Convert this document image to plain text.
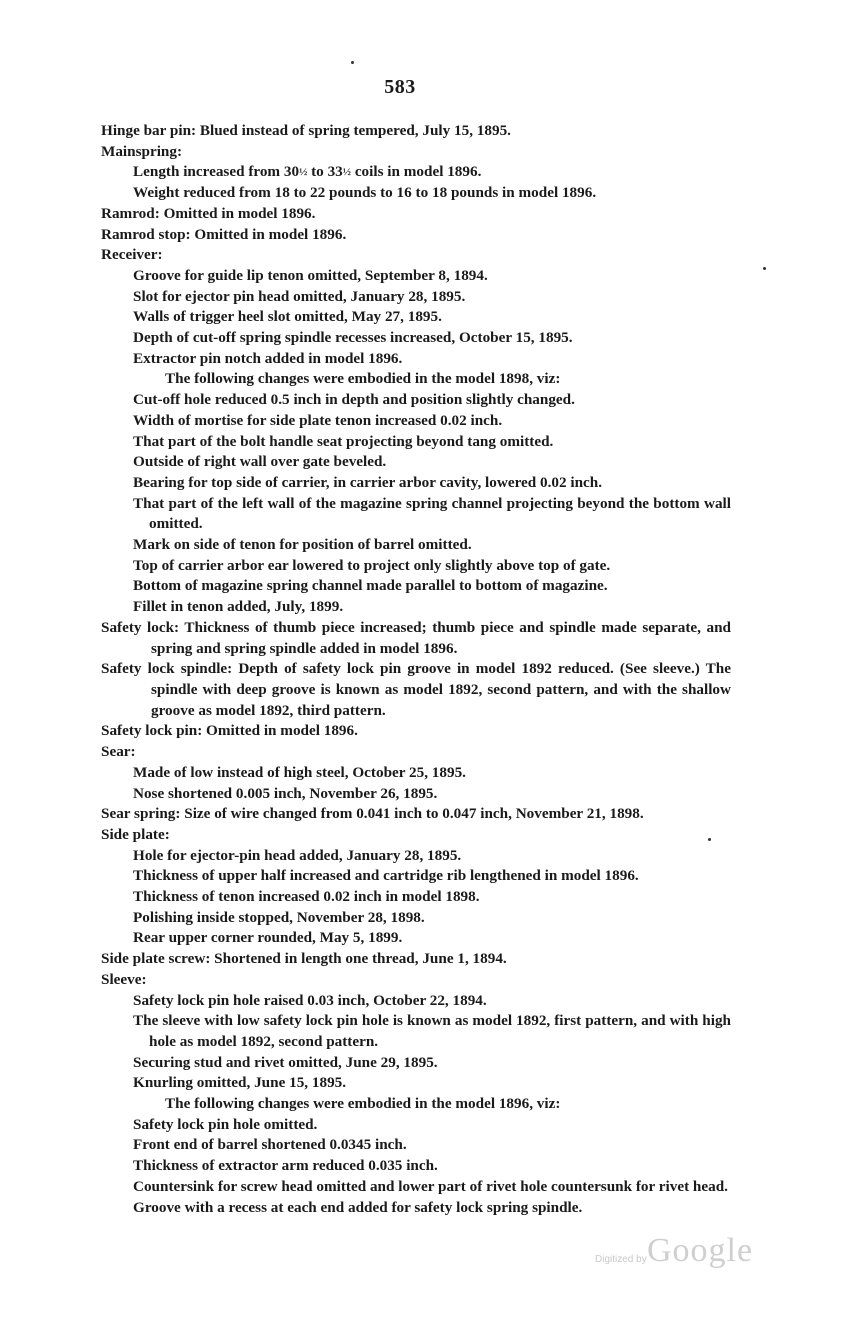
583
Hinge bar pin: Blued instead of spring tempered, July 15, 1895.
Mainspring:
Length increased from 30½ to 33½ coils in model 1896.
Weight reduced from 18 to 22 pounds to 16 to 18 pounds in model 1896.
Ramrod: Omitted in model 1896.
Ramrod stop: Omitted in model 1896.
Receiver:
Groove for guide lip tenon omitted, September 8, 1894.
Slot for ejector pin head omitted, January 28, 1895.
Walls of trigger heel slot omitted, May 27, 1895.
Depth of cut-off spring spindle recesses increased, October 15, 1895.
Extractor pin notch added in model 1896.
The following changes were embodied in the model 1898, viz:
Cut-off hole reduced 0.5 inch in depth and position slightly changed.
Width of mortise for side plate tenon increased 0.02 inch.
That part of the bolt handle seat projecting beyond tang omitted.
Outside of right wall over gate beveled.
Bearing for top side of carrier, in carrier arbor cavity, lowered 0.02 inch.
That part of the left wall of the magazine spring channel projecting beyond the bottom wall omitted.
Mark on side of tenon for position of barrel omitted.
Top of carrier arbor ear lowered to project only slightly above top of gate.
Bottom of magazine spring channel made parallel to bottom of magazine.
Fillet in tenon added, July, 1899.
Safety lock: Thickness of thumb piece increased; thumb piece and spindle made separate, and spring and spring spindle added in model 1896.
Safety lock spindle: Depth of safety lock pin groove in model 1892 reduced. (See sleeve.) The spindle with deep groove is known as model 1892, second pattern, and with the shallow groove as model 1892, third pattern.
Safety lock pin: Omitted in model 1896.
Sear:
Made of low instead of high steel, October 25, 1895.
Nose shortened 0.005 inch, November 26, 1895.
Sear spring: Size of wire changed from 0.041 inch to 0.047 inch, November 21, 1898.
Side plate:
Hole for ejector-pin head added, January 28, 1895.
Thickness of upper half increased and cartridge rib lengthened in model 1896.
Thickness of tenon increased 0.02 inch in model 1898.
Polishing inside stopped, November 28, 1898.
Rear upper corner rounded, May 5, 1899.
Side plate screw: Shortened in length one thread, June 1, 1894.
Sleeve:
Safety lock pin hole raised 0.03 inch, October 22, 1894.
The sleeve with low safety lock pin hole is known as model 1892, first pattern, and with high hole as model 1892, second pattern.
Securing stud and rivet omitted, June 29, 1895.
Knurling omitted, June 15, 1895.
The following changes were embodied in the model 1896, viz:
Safety lock pin hole omitted.
Front end of barrel shortened 0.0345 inch.
Thickness of extractor arm reduced 0.035 inch.
Countersink for screw head omitted and lower part of rivet hole countersunk for rivet head.
Groove with a recess at each end added for safety lock spring spindle.
Digitized by Google
